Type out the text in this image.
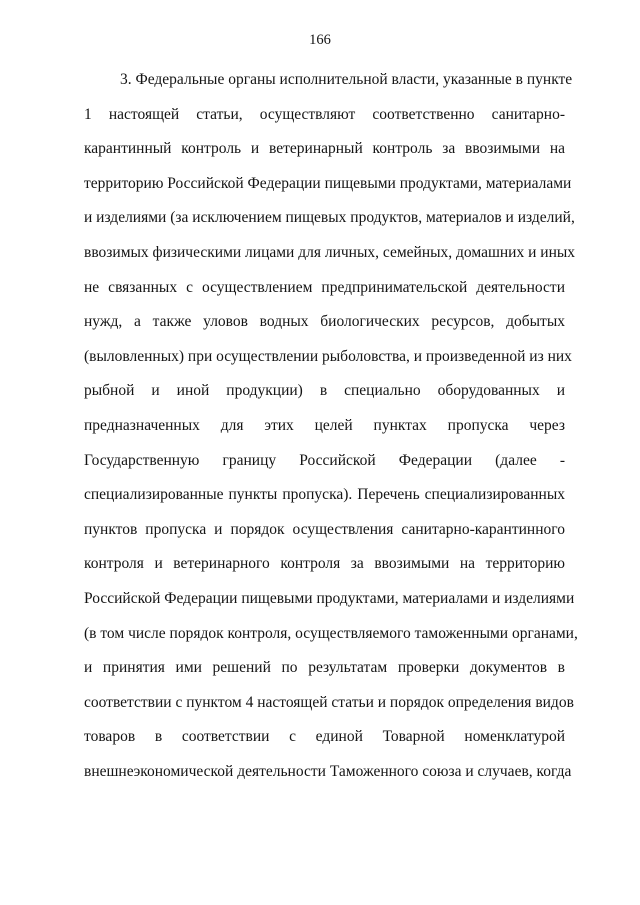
166
3. Федеральные органы исполнительной власти, указанные в пункте
1 настоящей статьи, осуществляют соответственно санитарно-
карантинный контроль и ветеринарный контроль за ввозимыми на
территорию Российской Федерации пищевыми продуктами, материалами
и изделиями (за исключением пищевых продуктов, материалов и изделий,
ввозимых физическими лицами для личных, семейных, домашних и иных
не связанных с осуществлением предпринимательской деятельности
нужд, а также уловов водных биологических ресурсов, добытых
(выловленных) при осуществлении рыболовства, и произведенной из них
рыбной и иной продукции) в специально оборудованных и
предназначенных для этих целей пунктах пропуска через
Государственную границу Российской Федерации (далее -
специализированные пункты пропуска). Перечень специализированных
пунктов пропуска и порядок осуществления санитарно-карантинного
контроля и ветеринарного контроля за ввозимыми на территорию
Российской Федерации пищевыми продуктами, материалами и изделиями
(в том числе порядок контроля, осуществляемого таможенными органами,
и принятия ими решений по результатам проверки документов в
соответствии с пунктом 4 настоящей статьи и порядок определения видов
товаров в соответствии с единой Товарной номенклатурой
внешнеэкономической деятельности Таможенного союза и случаев, когда
